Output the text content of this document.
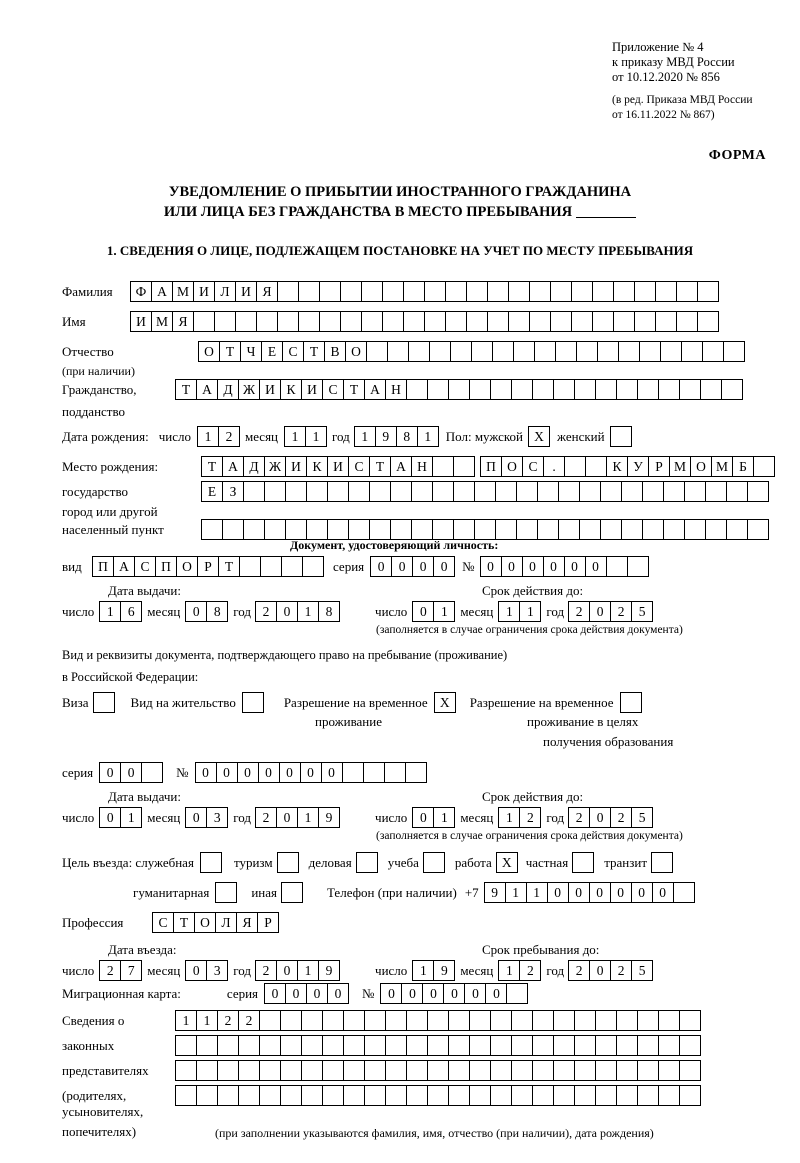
Приложение № 4
к приказу МВД России
от 10.12.2020 № 856
(в ред. Приказа МВД России
от 16.11.2022 № 867)
ФОРМА
УВЕДОМЛЕНИЕ О ПРИБЫТИИ ИНОСТРАННОГО ГРАЖДАНИНА
ИЛИ ЛИЦА БЕЗ ГРАЖДАНСТВА В МЕСТО ПРЕБЫВАНИЯ
1. СВЕДЕНИЯ О ЛИЦЕ, ПОДЛЕЖАЩЕМ ПОСТАНОВКЕ НА УЧЕТ ПО МЕСТУ ПРЕБЫВАНИЯ
Фамилия	Ф А М И Л И Я
Имя	И М Я
Отчество	О Т Ч Е С Т В О
(при наличии)
Гражданство,	Т А Д Ж И К И С Т А Н
подданство
Дата рождения: число	1	2 месяц	1	1 год 1	9	8	1	Пол: мужской X	женский
Место рождения:	Т А Д Ж И К И С Т А Н	П О С	.	К У Р М О М Б
государство	Е З
город или другой
населенный пункт
Документ, удостоверяющий личность:
вид	П А С П О Р Т	серия	0	0	0	0	№ 0	0	0	0	0	0
Дата выдачи:	Срок действия до:
число 1	6 месяц 0	8 год 2	0	1	8	число 0	1 месяц 1	1 год 2	0	2	5
(заполняется в случае ограничения срока действия документа)
Вид и реквизиты документа, подтверждающего право на пребывание (проживание)
в Российской Федерации:
Виза	Вид на жительство	Разрешение на временное X	Разрешение на временное
проживание	проживание в целях
получения образования
серия	0	0	№	0	0	0	0	0	0	0
Дата выдачи:	Срок действия до:
число 0	1 месяц 0	3 год 2	0	1	9	число 0	1 месяц 1	2 год 2	0	2	5
(заполняется в случае ограничения срока действия документа)
Цель въезда: служебная	туризм	деловая	учеба	работа X	частная	транзит
гуманитарная	иная	Телефон (при наличии) +7 9	1	1	0	0	0	0	0	0
Профессия	С Т О Л Я Р
Дата въезда:	Срок пребывания до:
число 2	7 месяц 0	3 год 2	0	1	9	число 1	9 месяц 1	2 год 2	0	2	5
Миграционная карта:	серия	0	0	0	0	№	0	0	0	0	0	0
Сведения о	1	1	2	2
законных
представителях
(родителях,
усыновителях,
попечителях)	(при заполнении указываются фамилия, имя, отчество (при наличии), дата рождения)
